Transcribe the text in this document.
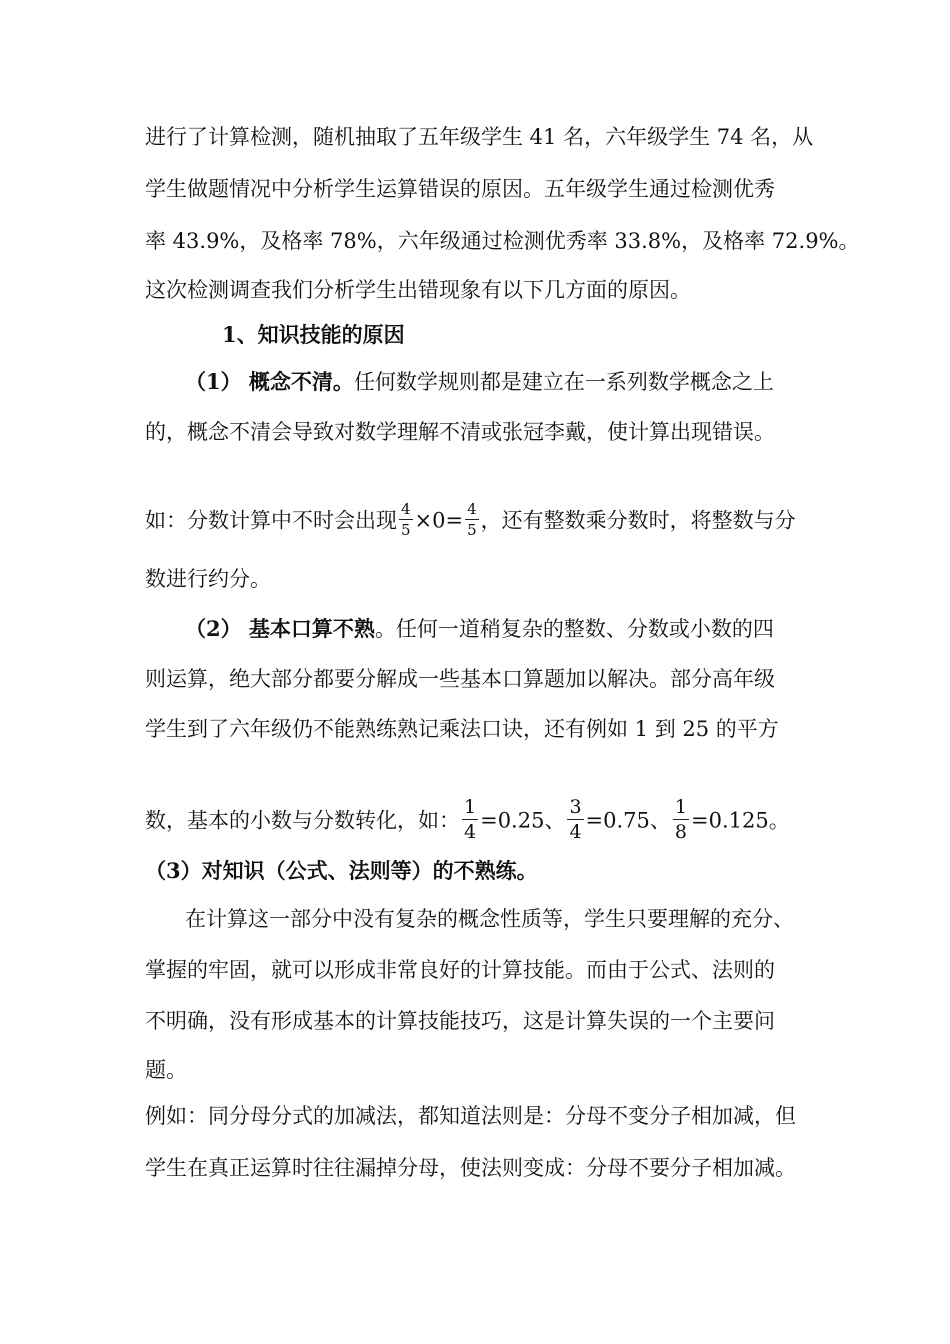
进行了计算检测，随机抽取了五年级学生 41 名，六年级学生 74 名，从
学生做题情况中分析学生运算错误的原因。五年级学生通过检测优秀
率 43.9%，及格率 78%，六年级通过检测优秀率 33.8%，及格率 72.9%。
这次检测调查我们分析学生出错现象有以下几方面的原因。
1、知识技能的原因
（1） 概念不清。任何数学规则都是建立在一系列数学概念之上
的，概念不清会导致对数学理解不清或张冠李戴，使计算出现错误。
如：分数计算中不时会出现 $\frac{4}{5} \times 0= \frac{4}{5}$ ，还有整数乘分数时，将整数与分
数进行约分。
（2） 基本口算不熟。任何一道稍复杂的整数、分数或小数的四
则运算，绝大部分都要分解成一些基本口算题加以解决。部分高年级
学生到了六年级仍不能熟练熟记乘法口诀，还有例如 1 到 25 的平方
数，基本的小数与分数转化，如： $\frac{1}{4} =0.25$、 $\frac{3}{4} =0.75$、 $\frac{1}{8} =0.125$。
（3）对知识（公式、法则等）的不熟练。
在计算这一部分中没有复杂的概念性质等，学生只要理解的充分、
掌握的牢固，就可以形成非常良好的计算技能。而由于公式、法则的
不明确，没有形成基本的计算技能技巧，这是计算失误的一个主要问
题。
例如：同分母分式的加减法，都知道法则是：分母不变分子相加减，但
学生在真正运算时往往漏掉分母，使法则变成：分母不要分子相加减。
